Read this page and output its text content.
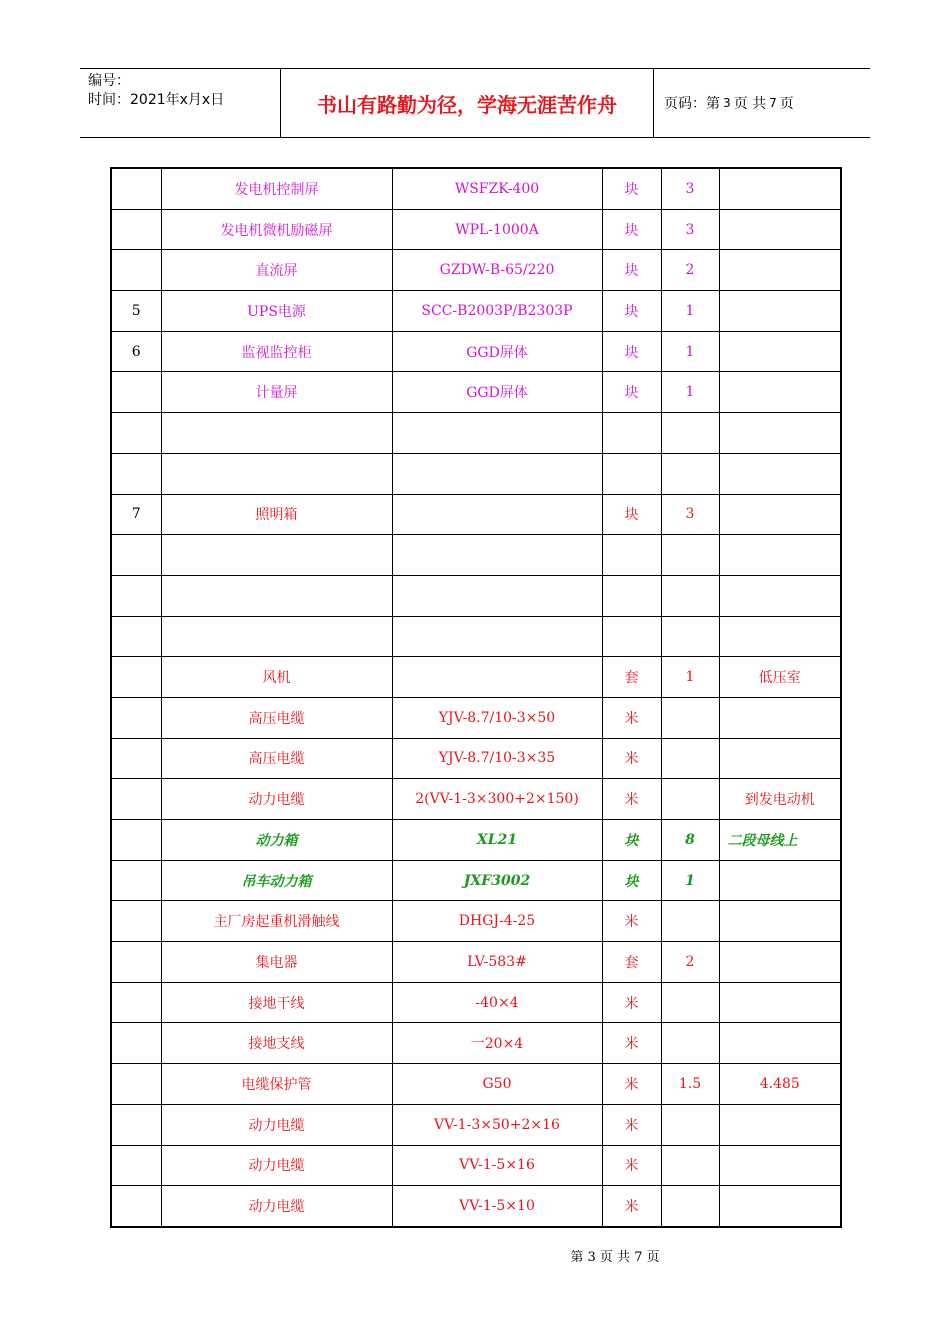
编号：
时间：2021年x月x日	书山有路勤为径，学海无涯苦作舟	页码：第 3 页 共 7 页
	发电机控制屏	WSFZK-400	块	3	
	发电机微机励磁屏	WPL-1000A	块	3	
	直流屏	GZDW-B-65/220	块	2	
5	UPS电源	SCC-B2003P/B2303P	块	1	
6	监视监控柜	GGD屏体	块	1	
	计量屏	GGD屏体	块	1	

7	照明箱		块	3	

	风机		套	1	低压室
	高压电缆	YJV-8.7/10-3×50	米		
	高压电缆	YJV-8.7/10-3×35	米		
	动力电缆	2(VV-1-3×300+2×150)	米		到发电动机
	动力箱	XL21	块	8	二段母线上
	吊车动力箱	JXF3002	块	1	
	主厂房起重机滑触线	DHGJ-4-25	米		
	集电器	LV-583#	套	2	
	接地干线	-40×4	米		
	接地支线	一20×4	米		
	电缆保护管	G50	米	1.5	4.485
	动力电缆	VV-1-3×50+2×16	米		
	动力电缆	VV-1-5×16	米		
	动力电缆	VV-1-5×10	米		
第 3 页 共 7 页
